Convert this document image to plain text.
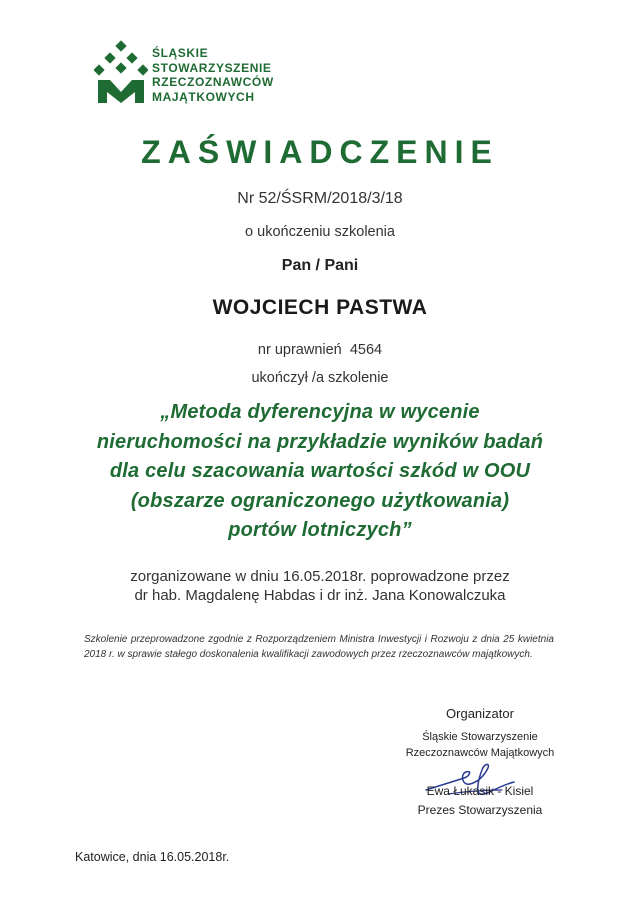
ŚLĄSKIE
STOWARZYSZENIE
RZECZOZNAWCÓW
MAJĄTKOWYCH
ZAŚWIADCZENIE
Nr 52/ŚSRM/2018/3/18
o ukończeniu szkolenia
Pan / Pani
WOJCIECH PASTWA
nr uprawnień 4564
ukończył /a szkolenie
„Metoda dyferencyjna w wycenie
nieruchomości na przykładzie wyników badań
dla celu szacowania wartości szkód w OOU
(obszarze ograniczonego użytkowania)
portów lotniczych”
zorganizowane w dniu 16.05.2018r. poprowadzone przez
dr hab. Magdalenę Habdas i dr inż. Jana Konowalczuka
Szkolenie przeprowadzone zgodnie z Rozporządzeniem Ministra Inwestycji i Rozwoju z dnia 25 kwietnia 2018 r. w sprawie stałego doskonalenia kwalifikacji zawodowych przez rzeczoznawców majątkowych.
Organizator
Śląskie Stowarzyszenie
Rzeczoznawców Majątkowych
Ewa Łukasik - Kisiel
Prezes Stowarzyszenia
Katowice, dnia 16.05.2018r.
